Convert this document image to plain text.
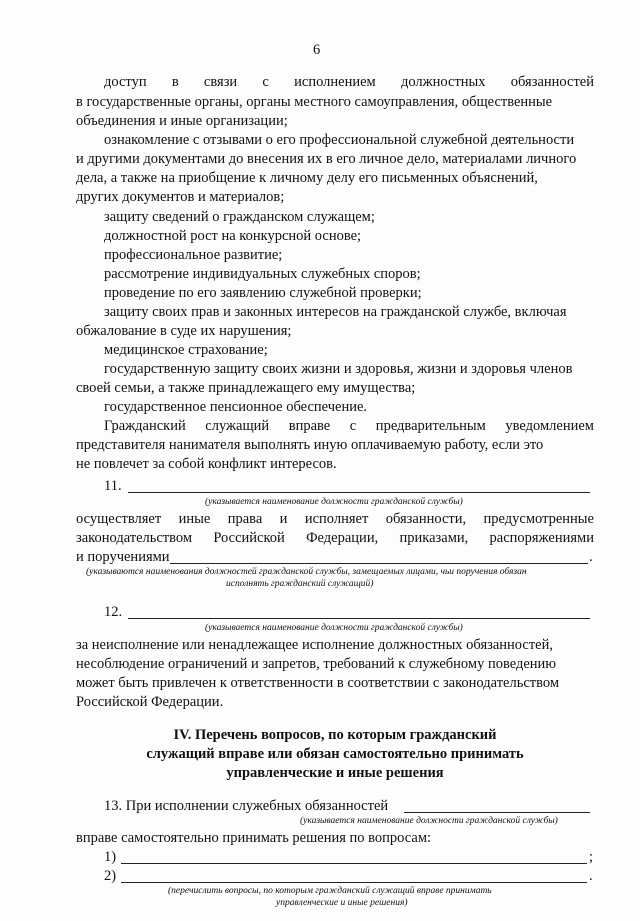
6
доступ в связи с исполнением должностных обязанностей
в государственные органы, органы местного самоуправления, общественные
объединения и иные организации;
ознакомление с отзывами о его профессиональной служебной деятельности
и другими документами до внесения их в его личное дело, материалами личного
дела, а также на приобщение к личному делу его письменных объяснений,
других документов и материалов;
защиту сведений о гражданском служащем;
должностной рост на конкурсной основе;
профессиональное развитие;
рассмотрение индивидуальных служебных споров;
проведение по его заявлению служебной проверки;
защиту своих прав и законных интересов на гражданской службе, включая
обжалование в суде их нарушения;
медицинское страхование;
государственную защиту своих жизни и здоровья, жизни и здоровья членов
своей семьи, а также принадлежащего ему имущества;
государственное пенсионное обеспечение.
Гражданский служащий вправе с предварительным уведомлением
представителя нанимателя выполнять иную оплачиваемую работу, если это
не повлечет за собой конфликт интересов.
11.
(указывается наименование должности гражданской службы)
осуществляет иные права и исполняет обязанности, предусмотренные
законодательством Российской Федерации, приказами, распоряжениями
и поручениями	.
(указываются наименования должностей гражданской службы, замещаемых лицами, чьи поручения обязан
исполнять гражданский служащий)
12.
(указывается наименование должности гражданской службы)
за неисполнение или ненадлежащее исполнение должностных обязанностей,
несоблюдение ограничений и запретов, требований к служебному поведению
может быть привлечен к ответственности в соответствии с законодательством
Российской Федерации.
IV. Перечень вопросов, по которым гражданский
служащий вправе или обязан самостоятельно принимать
управленческие и иные решения
13. При исполнении служебных обязанностей
(указывается наименование должности гражданской службы)
вправе самостоятельно принимать решения по вопросам:
1)	;
2)	.
(перечислить вопросы, по которым гражданский служащий вправе принимать
управленческие и иные решения)
